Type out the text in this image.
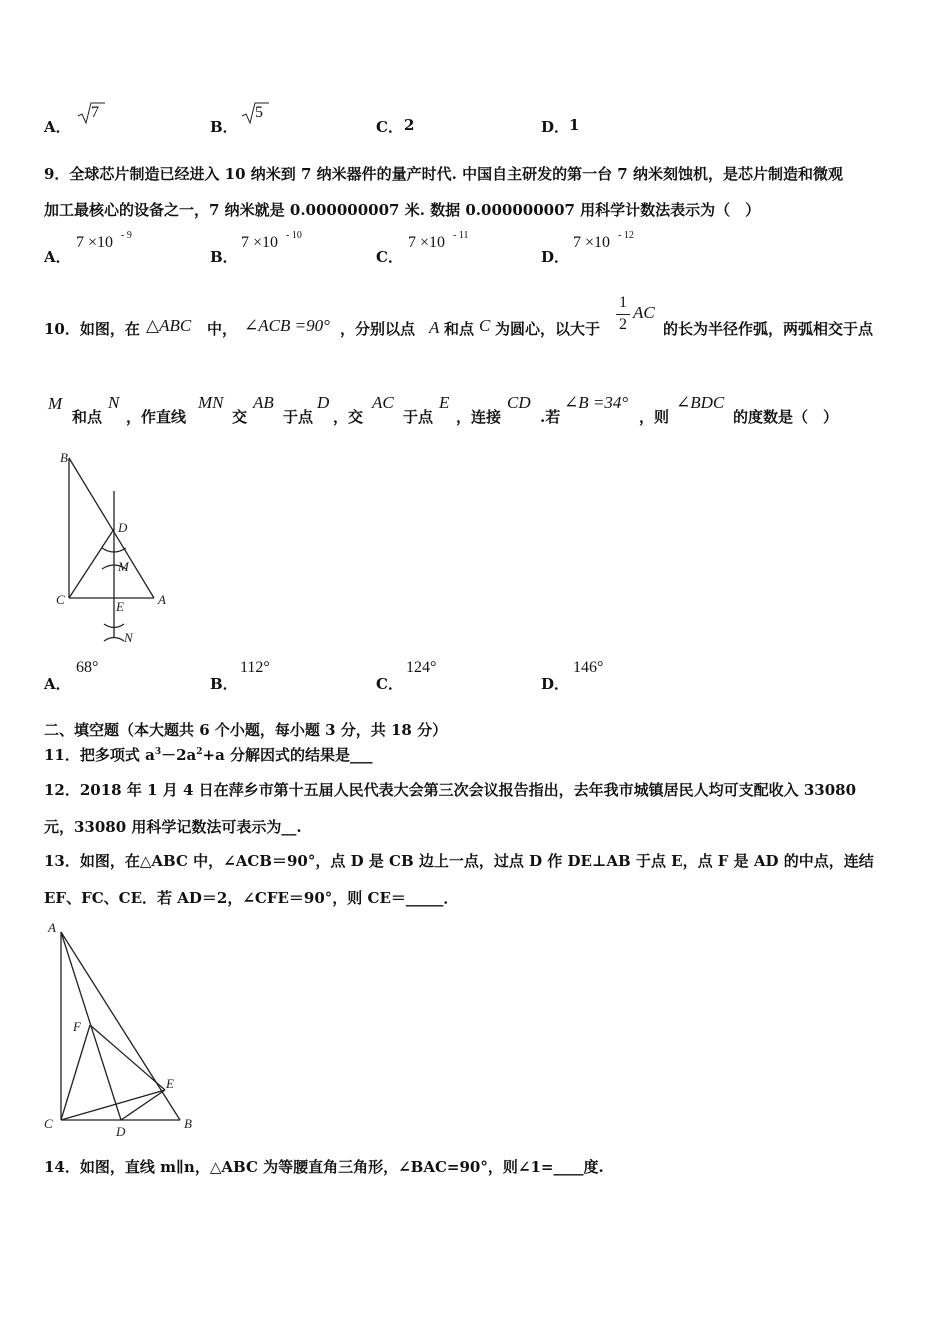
A．
7
B．
5
C． 2	D． 1
9．全球芯片制造已经进入 10 纳米到 7 纳米器件的量产时代. 中国自主研发的第一台 7 纳米刻蚀机，是芯片制造和微观
加工最核心的设备之一，7 纳米就是 0.000000007 米. 数据 0.000000007 用科学计数法表示为（　）
A．
7 ×10 - 9
B．
7 ×10 - 10
C．
7 ×10 - 11
D．
7 ×10 - 12
10．如图，在 △ABC 中， ∠ACB =90° ，分别以点 A 和点 C 为圆心，以大于
1
2
AC
的长为半径作弧，两弧相交于点
M
和点
N
，作直线
MN
交
AB
于点
D
，交
AC
于点
E
，连接
CD
.若
∠B =34°
，则
∠BDC
的度数是（　）
B
D
M
C	A
E
N
A．
68°
B．
112°
C．
124°
D．
146°
二、填空题（本大题共 6 个小题，每小题 3 分，共 18 分）
11．把多项式 $a^3-2a^2+a$ 分解因式的结果是___
12．2018 年 1 月 4 日在萍乡市第十五届人民代表大会第三次会议报告指出，去年我市城镇居民人均可支配收入 33080
元，33080 用科学记数法可表示为__.
13．如图，在△ABC 中，∠ACB＝90°，点 D 是 CB 边上一点，过点 D 作 DE⊥AB 于点 E，点 F 是 AD 的中点，连结
EF、FC、CE．若 AD＝2，∠CFE＝90°，则 CE＝_____．
A
F
E
C
D
B
14．如图，直线 m∥n，△ABC 为等腰直角三角形，∠BAC=90°，则∠1=____度.
